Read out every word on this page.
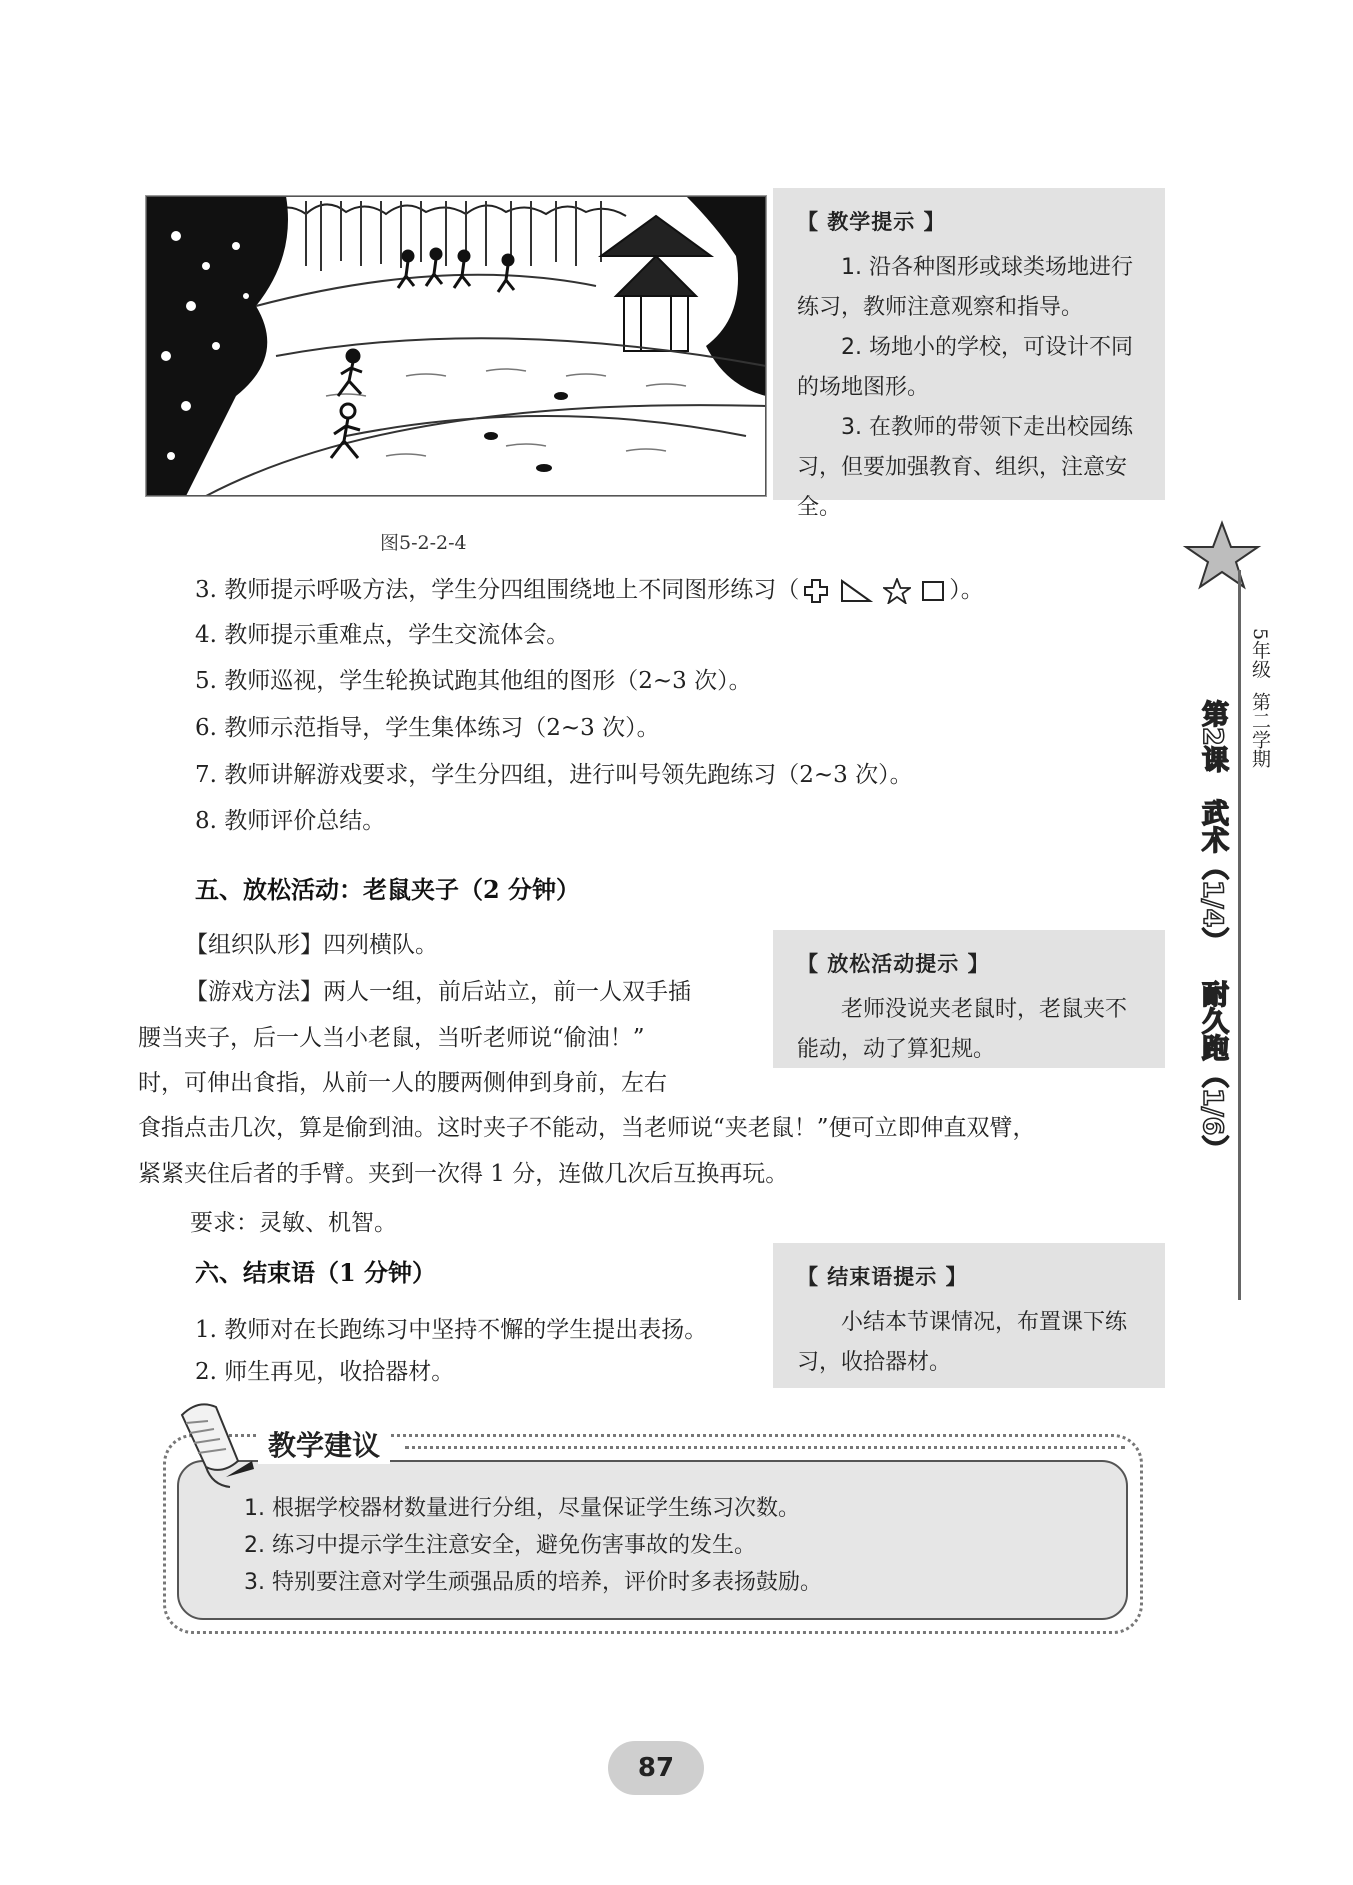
图5-2-2-4
【 教学提示 】

1. 沿各种图形或球类场地进行练习，教师注意观察和指导。

2. 场地小的学校，可设计不同的场地图形。

3. 在教师的带领下走出校园练习，但要加强教育、组织，注意安全。

3. 教师提示呼吸方法，学生分四组围绕地上不同图形练习（	）。
4. 教师提示重难点，学生交流体会。
5. 教师巡视，学生轮换试跑其他组的图形（2~3 次）。
6. 教师示范指导，学生集体练习（2~3 次）。
7. 教师讲解游戏要求，学生分四组，进行叫号领先跑练习（2~3 次）。
8. 教师评价总结。
五、放松活动：老鼠夹子（2 分钟）
【组织队形】四列横队。
【游戏方法】两人一组，前后站立，前一人双手插
腰当夹子，后一人当小老鼠，当听老师说“偷油！”
时，可伸出食指，从前一人的腰两侧伸到身前，左右
食指点击几次，算是偷到油。这时夹子不能动，当老师说“夹老鼠！”便可立即伸直双臂，
紧紧夹住后者的手臂。夹到一次得 1 分，连做几次后互换再玩。
要求：灵敏、机智。
【 放松活动提示 】

老师没说夹老鼠时，老鼠夹不能动，动了算犯规。

六、结束语（1 分钟）
1. 教师对在长跑练习中坚持不懈的学生提出表扬。
2. 师生再见，收拾器材。
【 结束语提示 】

小结本节课情况，布置课下练习，收拾器材。

5年级
第二学期
第2课
武术（1/4）
耐久跑（1/6）

1. 根据学校器材数量进行分组，尽量保证学生练习次数。

2. 练习中提示学生注意安全，避免伤害事故的发生。

3. 特别要注意对学生顽强品质的培养，评价时多表扬鼓励。

教学建议
87
